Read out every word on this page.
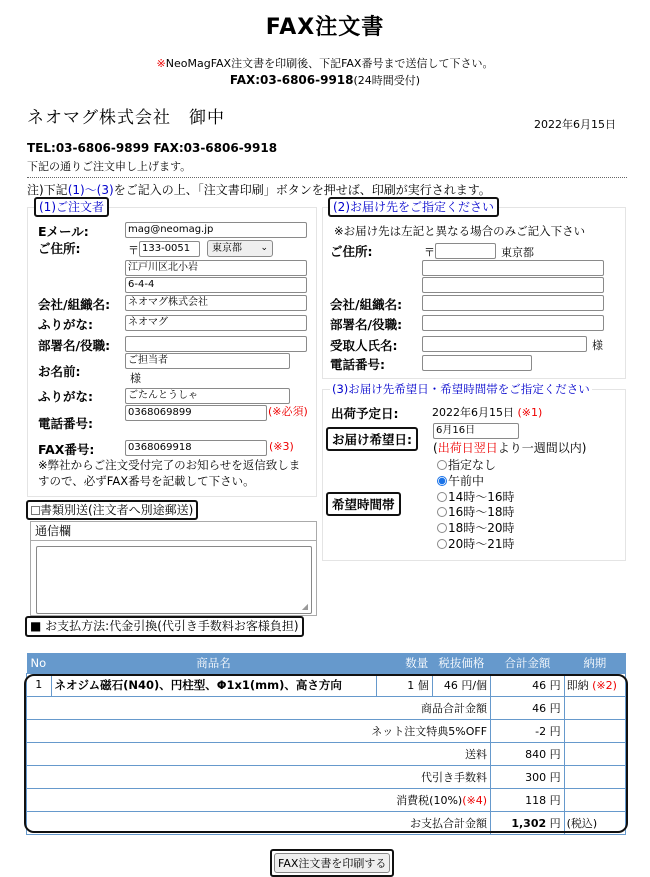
FAX注文書
※NeoMagFAX注文書を印刷後、下記FAX番号まで送信して下さい。
FAX:03-6806-9918(24時間受付)
ネオマグ株式会社　御中	2022年6月15日
TEL:03-6806-9899 FAX:03-6806-9918
下記の通りご注文申し上げます。
注)下記(1)～(3)をご記入の上、「注文書印刷」ボタンを押せば、印刷が実行されます。
(1)ご注文者
Eメール:	mag@neomag.jp
ご住所:	〒 133-0051	東京都 ⌄
江戸川区北小岩
6-4-4
会社/組織名:	ネオマグ株式会社
ふりがな:	ネオマグ
部署名/役職:
お名前:
ご担当者
様
ふりがな:	ごたんとうしゃ
電話番号:
0368069899	(※必須)
FAX番号:	0368069918	(※3)
※弊社からご注文受付完了のお知らせを返信致しますので、必ずFAX番号を記載して下さい。
(2)お届け先をご指定ください
※お届け先は左記と異なる場合のみご記入下さい
ご住所:	〒	東京都
会社/組織名:
部署名/役職:
受取人氏名:	様
電話番号:
(3)お届け先希望日・希望時間帯をご指定ください
出荷予定日:	2022年6月15日 (※1)
お届け希望日:
6月16日
(出荷日翌日より一週間以内)
希望時間帯
指定なし
午前中
14時～16時
16時～18時
18時～20時
20時～21時
書類別送(注文者へ別途郵送)
通信欄
◢
■ お支払方法:代金引換(代引き手数料お客様負担)
No	商品名	数量	税抜価格	合計金額	納期
1	ネオジム磁石(N40)、円柱型、Φ1x1(mm)、高さ方向	1 個	46 円/個	46 円	即納 (※2)
商品合計金額				46 円	
ネット注文特典5%OFF				-2 円	
送料				840 円	
代引き手数料				300 円	
消費税(10%)(※4)				118 円	
お支払合計金額				1,302 円	(税込)
FAX注文書を印刷する
